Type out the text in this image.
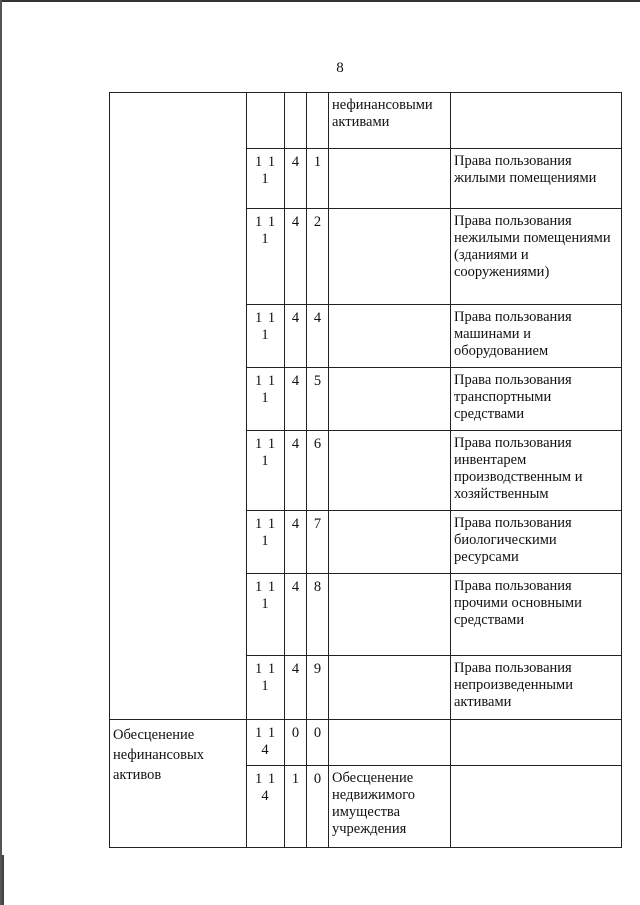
8
				нефинансовыми активами	
	1 1 1	4	1		Права пользования жилыми помещениями
	1 1 1	4	2		Права пользования нежилыми помещениями (зданиями и сооружениями)
	1 1 1	4	4		Права пользования машинами и оборудованием
	1 1 1	4	5		Права пользования транспортными средствами
	1 1 1	4	6		Права пользования инвентарем производственным и хозяйственным
	1 1 1	4	7		Права пользования биологическими ресурсами
	1 1 1	4	8		Права пользования прочими основными средствами
	1 1 1	4	9		Права пользования непроизведенными активами
Обесценение нефинансовых активов	1 1 4	0	0		
	1 1 4	1	0	Обесценение недвижимого имущества учреждения	
